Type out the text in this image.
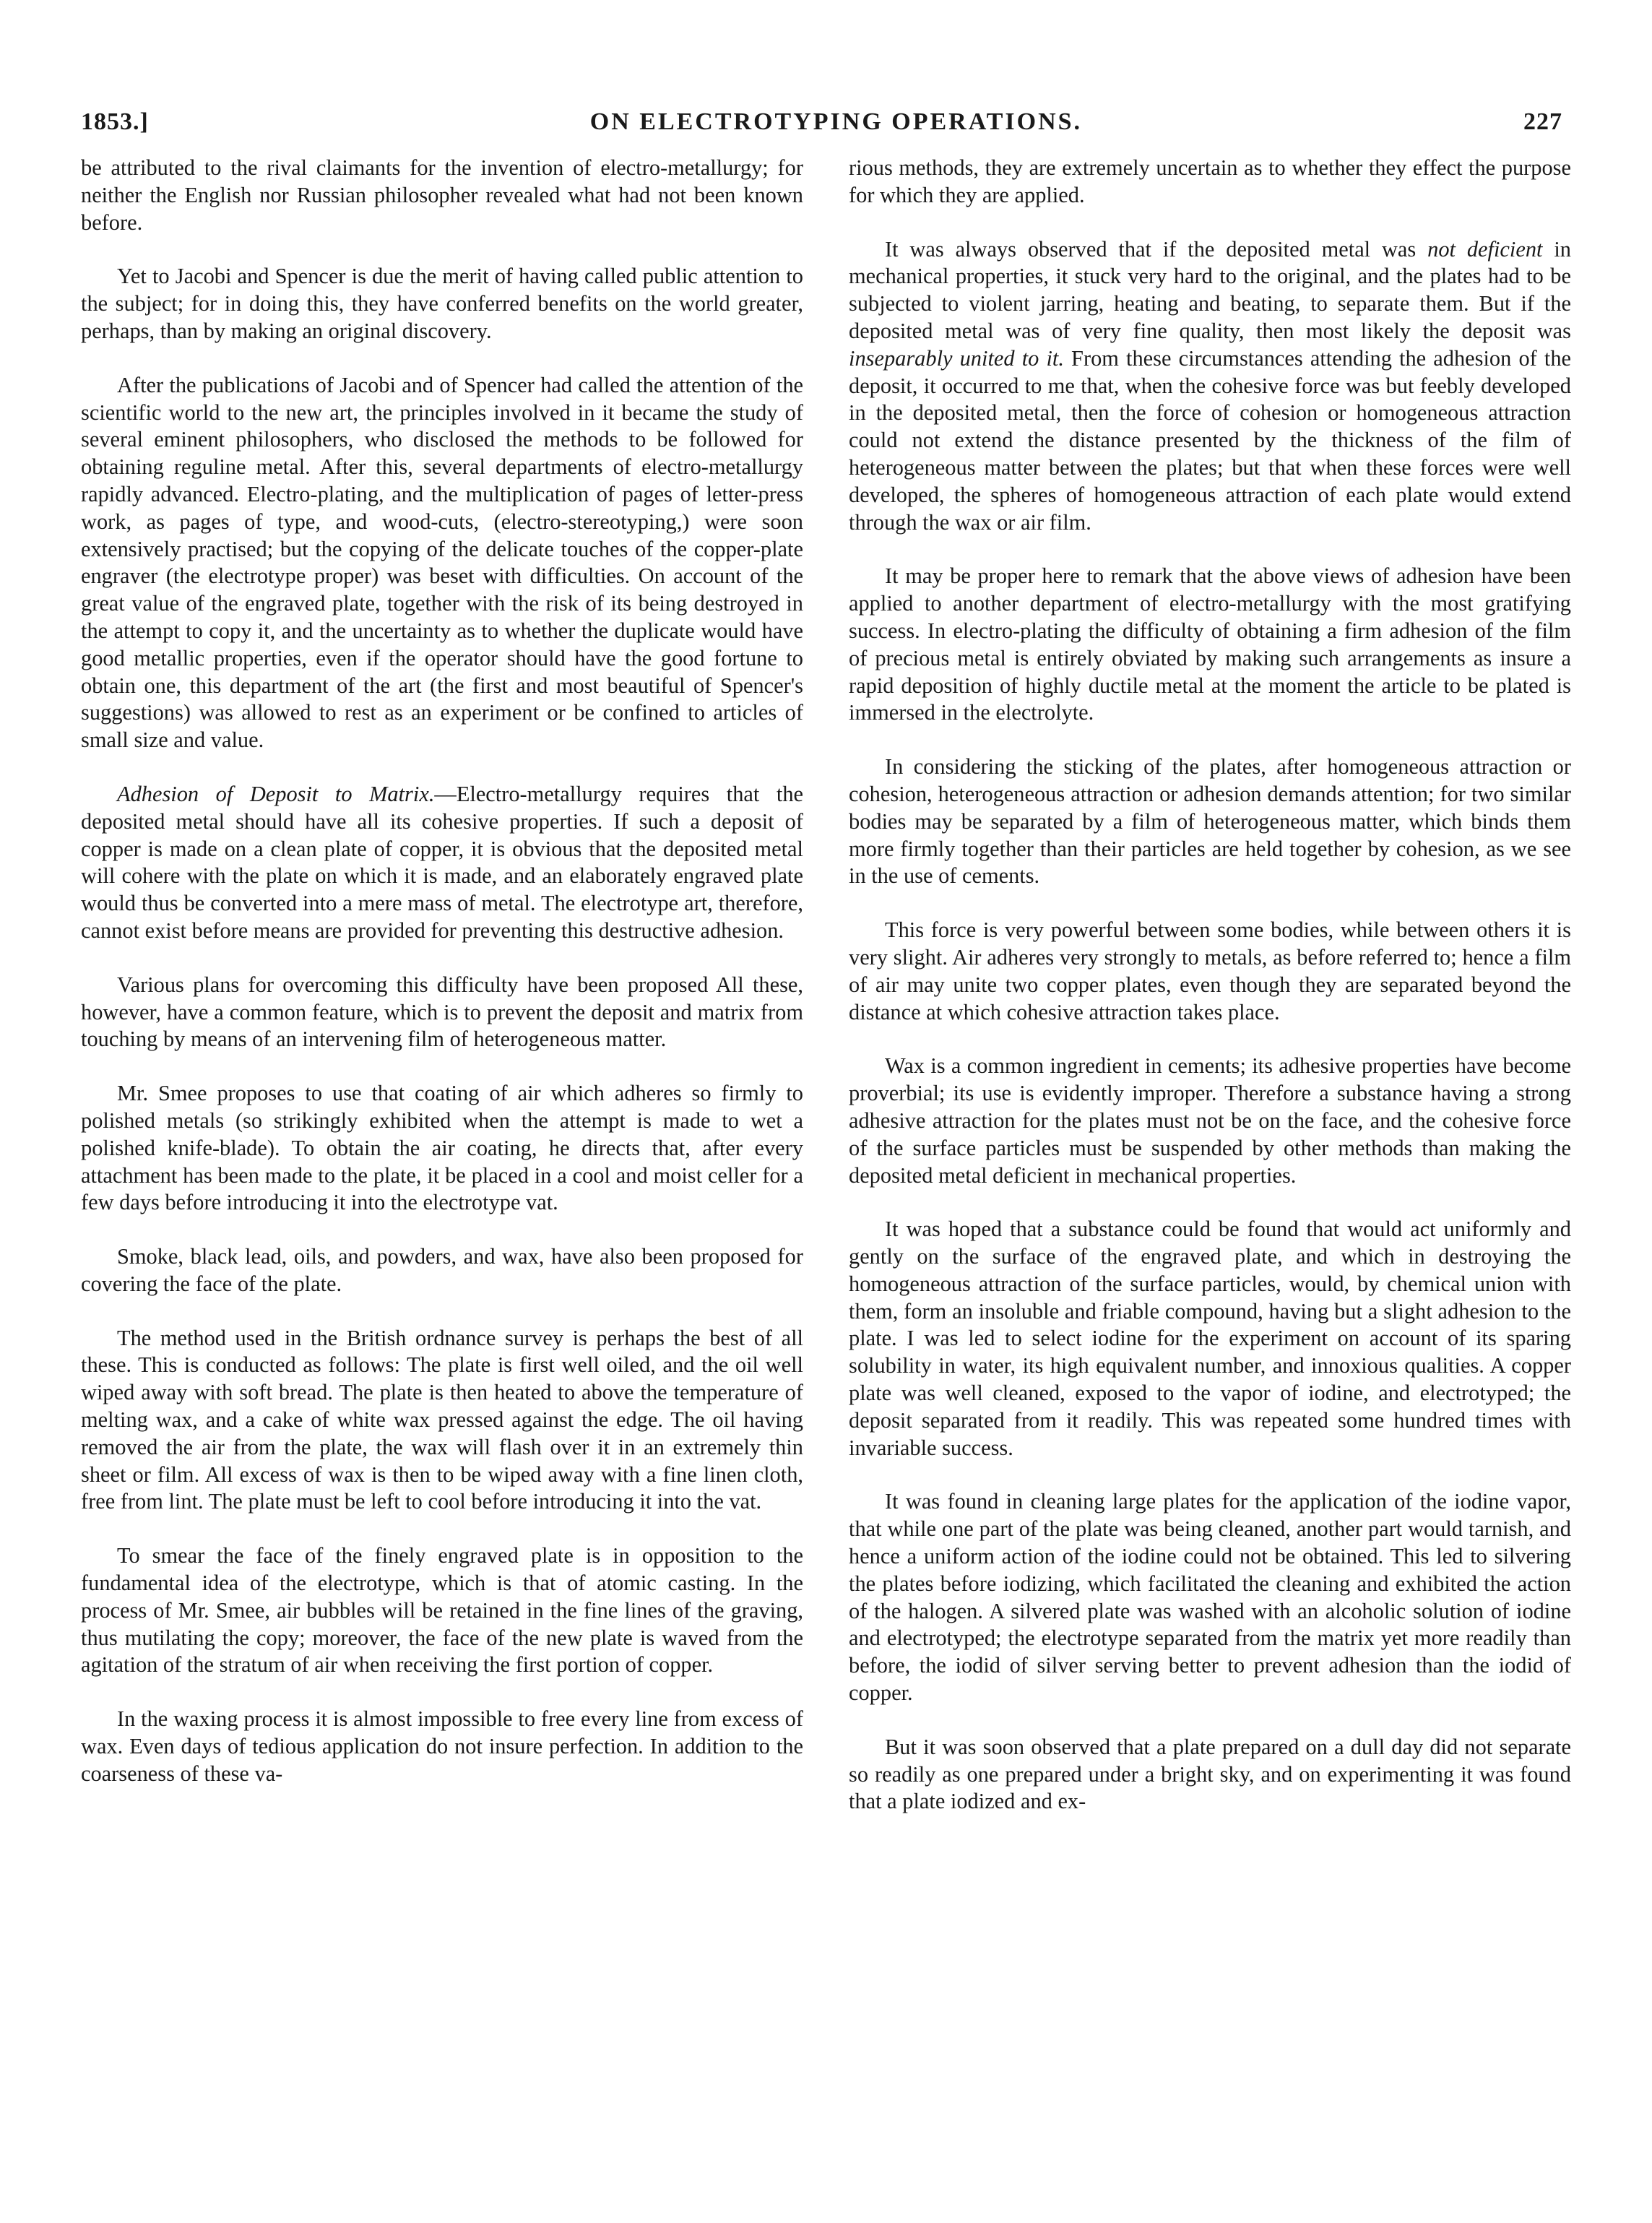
1853.]	ON ELECTROTYPING OPERATIONS.	227

be attributed to the rival claimants for the invention of electro-metallurgy; for neither the English nor Russian philosopher revealed what had not been known before.

Yet to Jacobi and Spencer is due the merit of having called public attention to the subject; for in doing this, they have conferred benefits on the world greater, perhaps, than by making an original discovery.

After the publications of Jacobi and of Spencer had called the attention of the scientific world to the new art, the principles involved in it became the study of several eminent philosophers, who disclosed the methods to be followed for obtaining reguline metal. After this, several departments of electro-metallurgy rapidly advanced. Electro-plating, and the multiplication of pages of letter-press work, as pages of type, and wood-cuts, (electro-stereotyping,) were soon extensively practised; but the copying of the delicate touches of the copper-plate engraver (the electrotype proper) was beset with difficulties. On account of the great value of the engraved plate, together with the risk of its being destroyed in the attempt to copy it, and the uncertainty as to whether the duplicate would have good metallic properties, even if the operator should have the good fortune to obtain one, this department of the art (the first and most beautiful of Spencer's suggestions) was allowed to rest as an experiment or be confined to articles of small size and value.

Adhesion of Deposit to Matrix.—Electro-metallurgy requires that the deposited metal should have all its cohesive properties. If such a deposit of copper is made on a clean plate of copper, it is obvious that the deposited metal will cohere with the plate on which it is made, and an elaborately engraved plate would thus be converted into a mere mass of metal. The electrotype art, therefore, cannot exist before means are provided for preventing this destructive adhesion.

Various plans for overcoming this difficulty have been proposed All these, however, have a common feature, which is to prevent the deposit and matrix from touching by means of an intervening film of heterogeneous matter.

Mr. Smee proposes to use that coating of air which adheres so firmly to polished metals (so strikingly exhibited when the attempt is made to wet a polished knife-blade). To obtain the air coating, he directs that, after every attachment has been made to the plate, it be placed in a cool and moist celler for a few days before introducing it into the electrotype vat.

Smoke, black lead, oils, and powders, and wax, have also been proposed for covering the face of the plate.

The method used in the British ordnance survey is perhaps the best of all these. This is conducted as follows: The plate is first well oiled, and the oil well wiped away with soft bread. The plate is then heated to above the temperature of melting wax, and a cake of white wax pressed against the edge. The oil having removed the air from the plate, the wax will flash over it in an extremely thin sheet or film. All excess of wax is then to be wiped away with a fine linen cloth, free from lint. The plate must be left to cool before introducing it into the vat.

To smear the face of the finely engraved plate is in opposition to the fundamental idea of the electrotype, which is that of atomic casting. In the process of Mr. Smee, air bubbles will be retained in the fine lines of the graving, thus mutilating the copy; moreover, the face of the new plate is waved from the agitation of the stratum of air when receiving the first portion of copper.

In the waxing process it is almost impossible to free every line from excess of wax. Even days of tedious application do not insure perfection. In addition to the coarseness of these va-

rious methods, they are extremely uncertain as to whether they effect the purpose for which they are applied.

It was always observed that if the deposited metal was not deficient in mechanical properties, it stuck very hard to the original, and the plates had to be subjected to violent jarring, heating and beating, to separate them. But if the deposited metal was of very fine quality, then most likely the deposit was inseparably united to it. From these circumstances attending the adhesion of the deposit, it occurred to me that, when the cohesive force was but feebly developed in the deposited metal, then the force of cohesion or homogeneous attraction could not extend the distance presented by the thickness of the film of heterogeneous matter between the plates; but that when these forces were well developed, the spheres of homogeneous attraction of each plate would extend through the wax or air film.

It may be proper here to remark that the above views of adhesion have been applied to another department of electro-metallurgy with the most gratifying success. In electro-plating the difficulty of obtaining a firm adhesion of the film of precious metal is entirely obviated by making such arrangements as insure a rapid deposition of highly ductile metal at the moment the article to be plated is immersed in the electrolyte.

In considering the sticking of the plates, after homogeneous attraction or cohesion, heterogeneous attraction or adhesion demands attention; for two similar bodies may be separated by a film of heterogeneous matter, which binds them more firmly together than their particles are held together by cohesion, as we see in the use of cements.

This force is very powerful between some bodies, while between others it is very slight. Air adheres very strongly to metals, as before referred to; hence a film of air may unite two copper plates, even though they are separated beyond the distance at which cohesive attraction takes place.

Wax is a common ingredient in cements; its adhesive properties have become proverbial; its use is evidently improper. Therefore a substance having a strong adhesive attraction for the plates must not be on the face, and the cohesive force of the surface particles must be suspended by other methods than making the deposited metal deficient in mechanical properties.

It was hoped that a substance could be found that would act uniformly and gently on the surface of the engraved plate, and which in destroying the homogeneous attraction of the surface particles, would, by chemical union with them, form an insoluble and friable compound, having but a slight adhesion to the plate. I was led to select iodine for the experiment on account of its sparing solubility in water, its high equivalent number, and innoxious qualities. A copper plate was well cleaned, exposed to the vapor of iodine, and electrotyped; the deposit separated from it readily. This was repeated some hundred times with invariable success.

It was found in cleaning large plates for the application of the iodine vapor, that while one part of the plate was being cleaned, another part would tarnish, and hence a uniform action of the iodine could not be obtained. This led to silvering the plates before iodizing, which facilitated the cleaning and exhibited the action of the halogen. A silvered plate was washed with an alcoholic solution of iodine and electrotyped; the electrotype separated from the matrix yet more readily than before, the iodid of silver serving better to prevent adhesion than the iodid of copper.

But it was soon observed that a plate prepared on a dull day did not separate so readily as one prepared under a bright sky, and on experimenting it was found that a plate iodized and ex-
